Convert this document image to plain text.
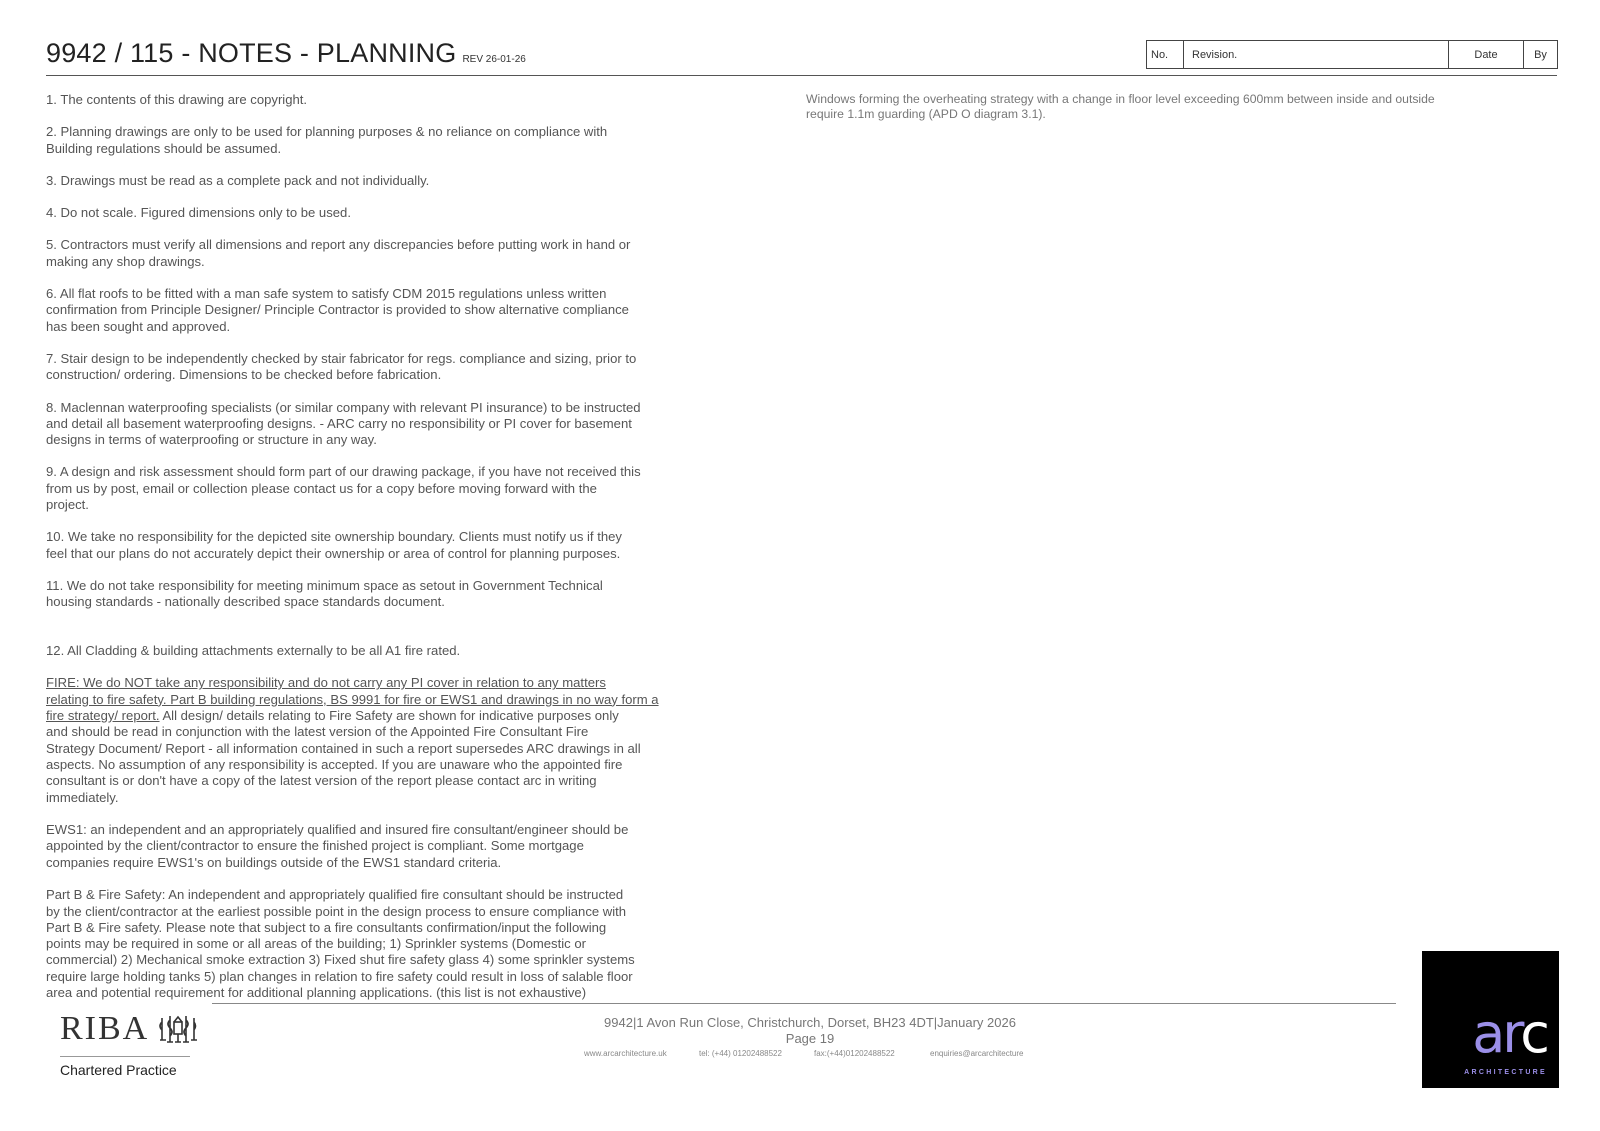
9942 / 115 - NOTES - PLANNING REV 26-01-26	No.	Revision.	Date	By
1. The contents of this drawing are copyright.
2. Planning drawings are only to be used for planning purposes & no reliance on compliance with
Building regulations should be assumed.
3. Drawings must be read as a complete pack and not individually.
4. Do not scale. Figured dimensions only to be used.
5. Contractors must verify all dimensions and report any discrepancies before putting work in hand or
making any shop drawings.
6. All flat roofs to be fitted with a man safe system to satisfy CDM 2015 regulations unless written
confirmation from Principle Designer/ Principle Contractor is provided to show alternative compliance
has been sought and approved.
7. Stair design to be independently checked by stair fabricator for regs. compliance and sizing, prior to
construction/ ordering. Dimensions to be checked before fabrication.
8. Maclennan waterproofing specialists (or similar company with relevant PI insurance) to be instructed
and detail all basement waterproofing designs. - ARC carry no responsibility or PI cover for basement
designs in terms of waterproofing or structure in any way.
9. A design and risk assessment should form part of our drawing package, if you have not received this
from us by post, email or collection please contact us for a copy before moving forward with the
project.
10. We take no responsibility for the depicted site ownership boundary. Clients must notify us if they
feel that our plans do not accurately depict their ownership or area of control for planning purposes.
11. We do not take responsibility for meeting minimum space as setout in Government Technical
housing standards - nationally described space standards document.

12. All Cladding & building attachments externally to be all A1 fire rated.

FIRE: We do NOT take any responsibility and do not carry any PI cover in relation to any matters
relating to fire safety. Part B building regulations, BS 9991 for fire or EWS1 and drawings in no way form a
fire strategy/ report. All design/ details relating to Fire Safety are shown for indicative purposes only
and should be read in conjunction with the latest version of the Appointed Fire Consultant Fire
Strategy Document/ Report - all information contained in such a report supersedes ARC drawings in all
aspects. No assumption of any responsibility is accepted. If you are unaware who the appointed fire
consultant is or don't have a copy of the latest version of the report please contact arc in writing
immediately.

EWS1: an independent and an appropriately qualified and insured fire consultant/engineer should be
appointed by the client/contractor to ensure the finished project is compliant. Some mortgage
companies require EWS1's on buildings outside of the EWS1 standard criteria.

Part B & Fire Safety: An independent and appropriately qualified fire consultant should be instructed
by the client/contractor at the earliest possible point in the design process to ensure compliance with
Part B & Fire safety. Please note that subject to a fire consultants confirmation/input the following
points may be required in some or all areas of the building; 1) Sprinkler systems (Domestic or
commercial) 2) Mechanical smoke extraction 3) Fixed shut fire safety glass 4) some sprinkler systems
require large holding tanks 5) plan changes in relation to fire safety could result in loss of salable floor
area and potential requirement for additional planning applications. (this list is not exhaustive)

Windows forming the overheating strategy with a change in floor level exceeding 600mm between inside and outside
require 1.1m guarding (APD O diagram 3.1).
RIBA
Chartered Practice
9942|1 Avon Run Close, Christchurch, Dorset, BH23 4DT|January 2026
Page 19
www.arcarchitecture.uk	tel: (+44) 01202488522	fax:(+44)01202488522	enquiries@arcarchitecture	arc
ARCHITECTURE
